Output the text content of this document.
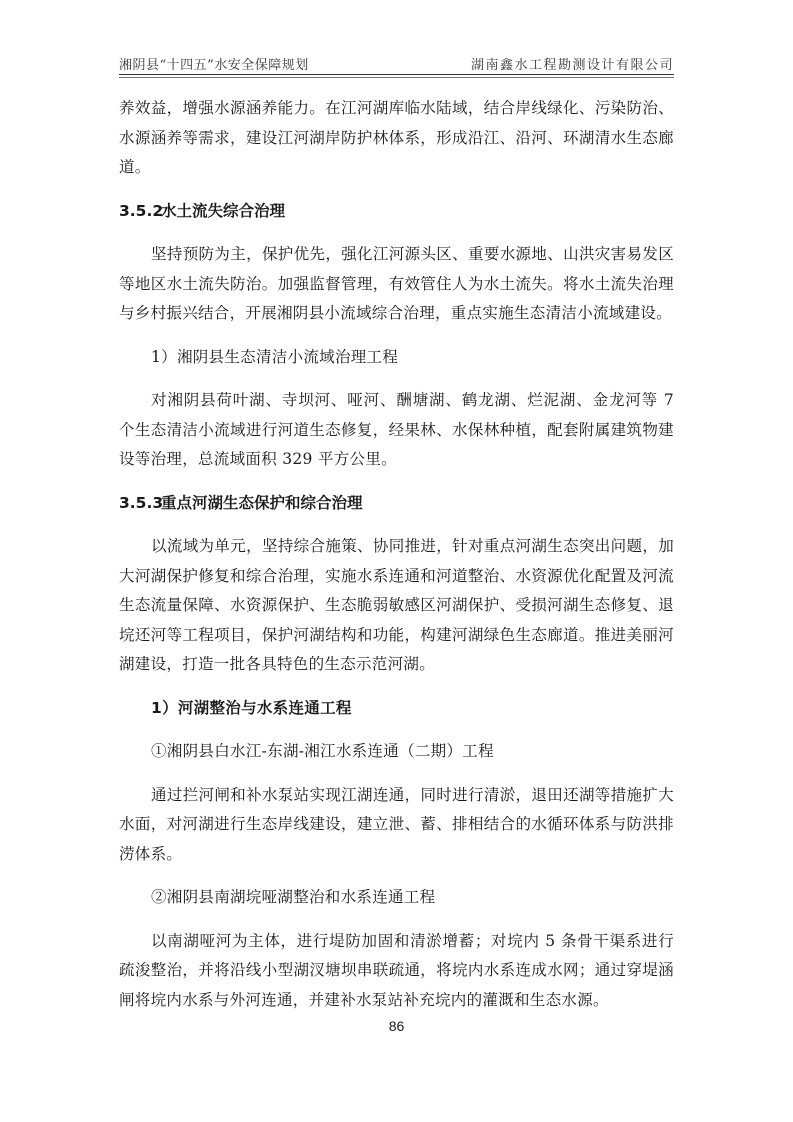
湘阴县“十四五”水安全保障规划	湖南鑫水工程勘测设计有限公司

养效益，增强水源涵养能力。在江河湖库临水陆域，结合岸线绿化、污染防治、水源涵养等需求，建设江河湖岸防护林体系，形成沿江、沿河、环湖清水生态廊道。

3.5.2水土流失综合治理

坚持预防为主，保护优先，强化江河源头区、重要水源地、山洪灾害易发区等地区水土流失防治。加强监督管理，有效管住人为水土流失。将水土流失治理与乡村振兴结合，开展湘阴县小流域综合治理，重点实施生态清洁小流域建设。

1）湘阴县生态清洁小流域治理工程

对湘阴县荷叶湖、寺坝河、哑河、酬塘湖、鹤龙湖、烂泥湖、金龙河等 7 个生态清洁小流域进行河道生态修复，经果林、水保林种植，配套附属建筑物建设等治理，总流域面积 329 平方公里。

3.5.3重点河湖生态保护和综合治理

以流域为单元，坚持综合施策、协同推进，针对重点河湖生态突出问题，加大河湖保护修复和综合治理，实施水系连通和河道整治、水资源优化配置及河流生态流量保障、水资源保护、生态脆弱敏感区河湖保护、受损河湖生态修复、退垸还河等工程项目，保护河湖结构和功能，构建河湖绿色生态廊道。推进美丽河湖建设，打造一批各具特色的生态示范河湖。

1）河湖整治与水系连通工程

①湘阴县白水江-东湖-湘江水系连通（二期）工程

通过拦河闸和补水泵站实现江湖连通，同时进行清淤，退田还湖等措施扩大水面，对河湖进行生态岸线建设，建立泄、蓄、排相结合的水循环体系与防洪排涝体系。

②湘阴县南湖垸哑湖整治和水系连通工程

以南湖哑河为主体，进行堤防加固和清淤增蓄；对垸内 5 条骨干渠系进行疏浚整治，并将沿线小型湖汊塘坝串联疏通，将垸内水系连成水网；通过穿堤涵闸将垸内水系与外河连通，并建补水泵站补充垸内的灌溉和生态水源。

86
